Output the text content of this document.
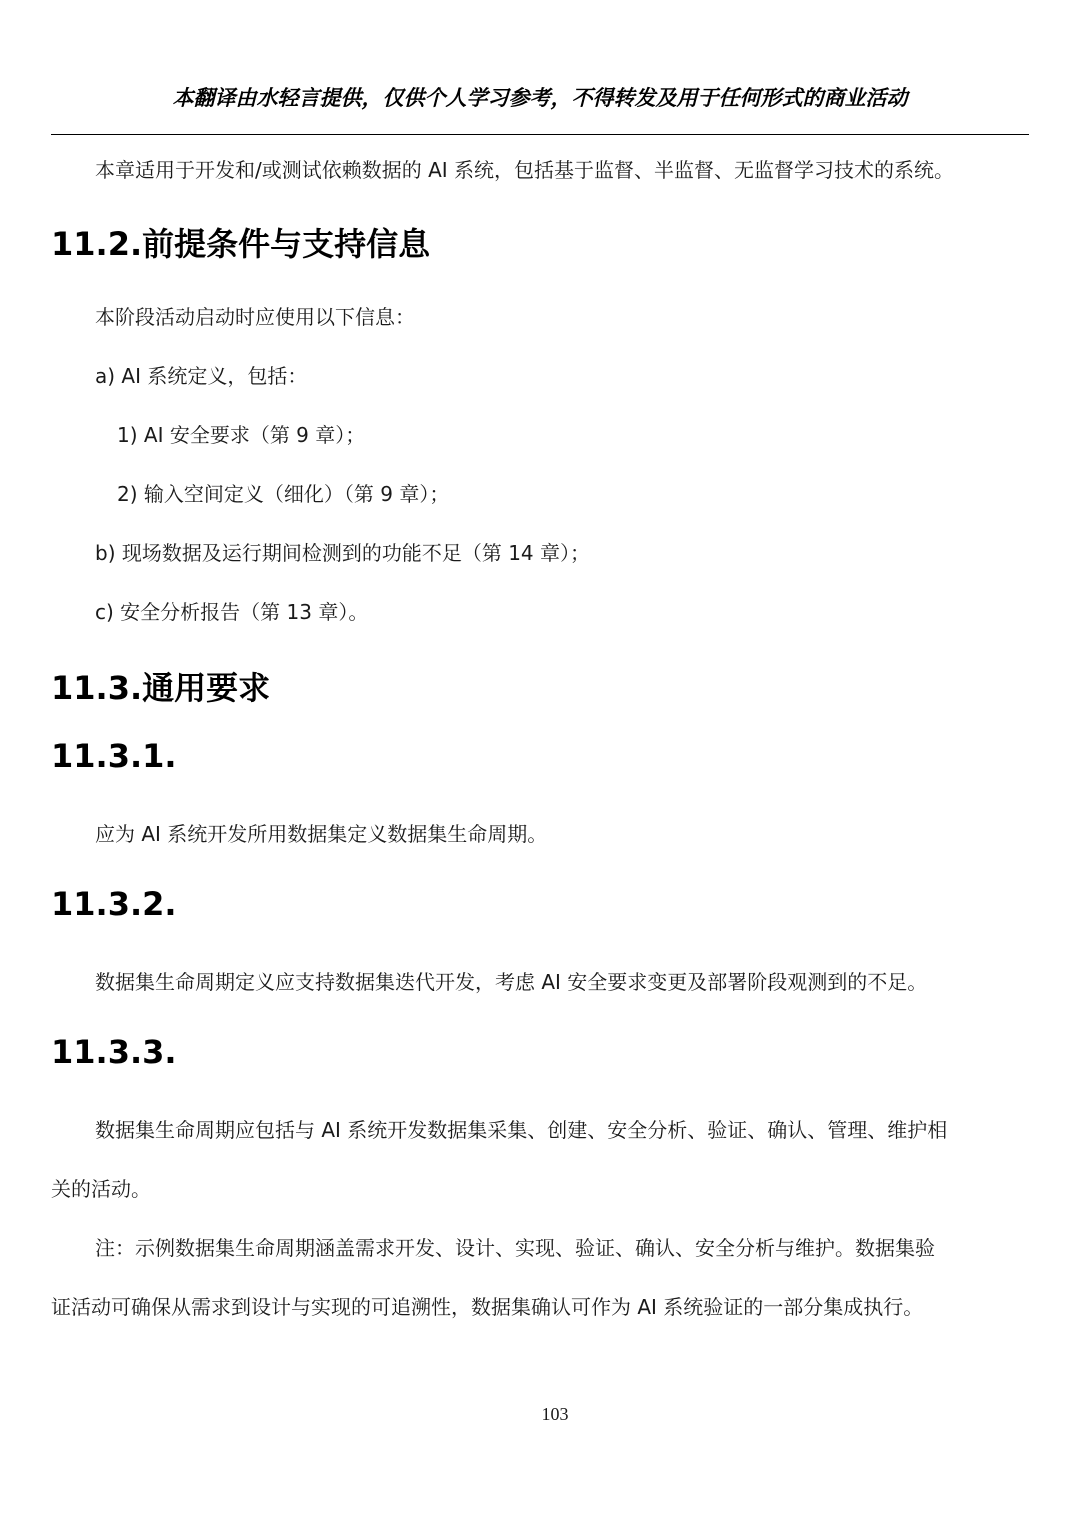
本翻译由水轻言提供，仅供个人学习参考，不得转发及用于任何形式的商业活动
本章适用于开发和/或测试依赖数据的 AI 系统，包括基于监督、半监督、无监督学习技术的系统。
11.2.前提条件与支持信息
本阶段活动启动时应使用以下信息：
a) AI 系统定义，包括：
1) AI 安全要求（第 9 章）；
2) 输入空间定义（细化）（第 9 章）；
b) 现场数据及运行期间检测到的功能不足（第 14 章）；
c) 安全分析报告（第 13 章）。
11.3.通用要求
11.3.1.
应为 AI 系统开发所用数据集定义数据集生命周期。
11.3.2.
数据集生命周期定义应支持数据集迭代开发，考虑 AI 安全要求变更及部署阶段观测到的不足。
11.3.3.
数据集生命周期应包括与 AI 系统开发数据集采集、创建、安全分析、验证、确认、管理、维护相
关的活动。
注：示例数据集生命周期涵盖需求开发、设计、实现、验证、确认、安全分析与维护。数据集验
证活动可确保从需求到设计与实现的可追溯性，数据集确认可作为 AI 系统验证的一部分集成执行。
103
